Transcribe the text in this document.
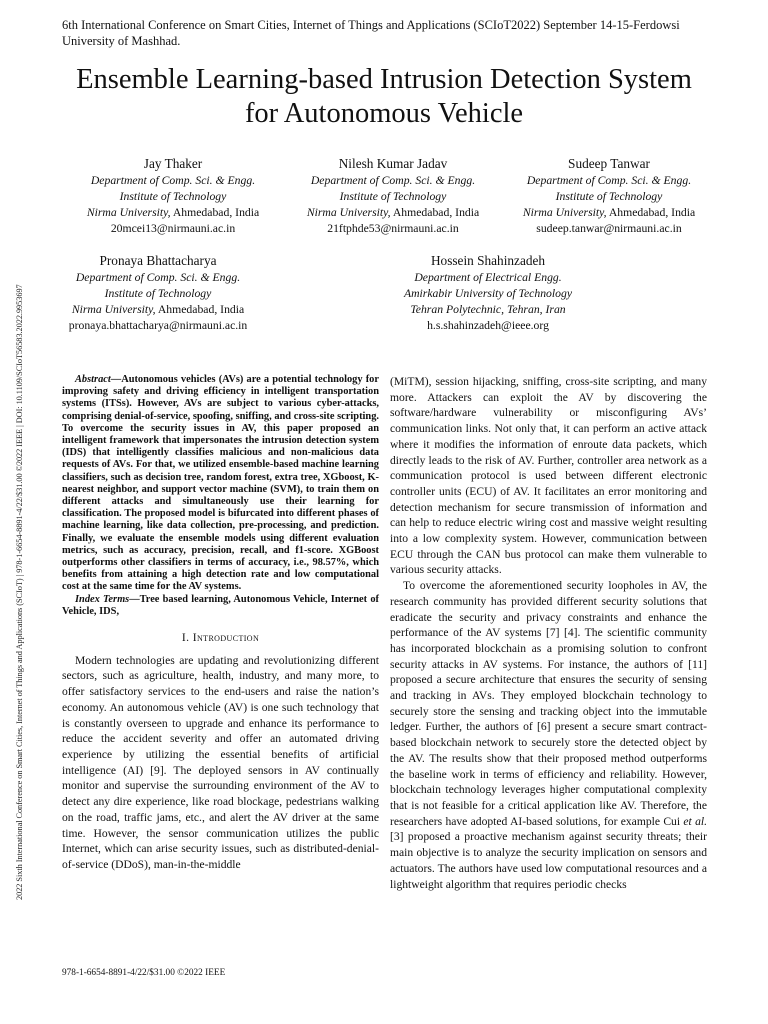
2022 Sixth International Conference on Smart Cities, Internet of Things and Applications (SCIoT) | 978-1-6654-8891-4/22/$31.00 ©2022 IEEE | DOI: 10.1109/SCIoT56583.2022.9953697
6th International Conference on Smart Cities, Internet of Things and Applications (SCIoT2022) September 14-15-Ferdowsi University of Mashhad.
Ensemble Learning-based Intrusion Detection System for Autonomous Vehicle
Jay Thaker
Department of Comp. Sci. & Engg.
Institute of Technology
Nirma University, Ahmedabad, India
20mcei13@nirmauni.ac.in
Nilesh Kumar Jadav
Department of Comp. Sci. & Engg.
Institute of Technology
Nirma University, Ahmedabad, India
21ftphde53@nirmauni.ac.in
Sudeep Tanwar
Department of Comp. Sci. & Engg.
Institute of Technology
Nirma University, Ahmedabad, India
sudeep.tanwar@nirmauni.ac.in
Pronaya Bhattacharya
Department of Comp. Sci. & Engg.
Institute of Technology
Nirma University, Ahmedabad, India
pronaya.bhattacharya@nirmauni.ac.in
Hossein Shahinzadeh
Department of Electrical Engg.
Amirkabir University of Technology
Tehran Polytechnic, Tehran, Iran
h.s.shahinzadeh@ieee.org

Abstract—Autonomous vehicles (AVs) are a potential technology for improving safety and driving efficiency in intelligent transportation systems (ITSs). However, AVs are subject to various cyber-attacks, comprising denial-of-service, spoofing, sniffing, and cross-site scripting. To overcome the security issues in AV, this paper proposed an intelligent framework that impersonates the intrusion detection system (IDS) that intelligently classifies malicious and non-malicious data requests of AVs. For that, we utilized ensemble-based machine learning classifiers, such as decision tree, random forest, extra tree, XGboost, K-nearest neighbor, and support vector machine (SVM), to train them on different attacks and simultaneously use their learning for classification. The proposed model is bifurcated into different phases of machine learning, like data collection, pre-processing, and prediction. Finally, we evaluate the ensemble models using different evaluation metrics, such as accuracy, precision, recall, and f1-score. XGBoost outperforms other classifiers in terms of accuracy, i.e., 98.57%, which benefits from attaining a high detection rate and low computational cost at the same time for the AV systems.

Index Terms—Tree based learning, Autonomous Vehicle, Internet of Vehicle, IDS,

I. Introduction

Modern technologies are updating and revolutionizing different sectors, such as agriculture, health, industry, and many more, to offer satisfactory services to the end-users and raise the nation’s economy. An autonomous vehicle (AV) is one such technology that is constantly overseen to upgrade and enhance its performance to reduce the accident severity and offer an automated driving experience by utilizing the essential benefits of artificial intelligence (AI) [9]. The deployed sensors in AV continually monitor and supervise the surrounding environment of the AV to detect any dire experience, like road blockage, pedestrians walking on the road, traffic jams, etc., and alert the AV driver at the same time. However, the sensor communication utilizes the public Internet, which can arise security issues, such as distributed-denial-of-service (DDoS), man-in-the-middle

(MiTM), session hijacking, sniffing, cross-site scripting, and many more. Attackers can exploit the AV by discovering the software/hardware vulnerability or misconfiguring AVs’ communication links. Not only that, it can perform an active attack where it modifies the information of enroute data packets, which directly leads to the risk of AV. Further, controller area network as a communication protocol is used between different electronic controller units (ECU) of AV. It facilitates an error monitoring and detection mechanism for secure transmission of information and can help to reduce electric wiring cost and massive weight resulting into a low complexity system. However, communication between ECU through the CAN bus protocol can make them vulnerable to various security attacks.

To overcome the aforementioned security loopholes in AV, the research community has provided different security solutions that eradicate the security and privacy constraints and enhance the performance of the AV systems [7] [4]. The scientific community has incorporated blockchain as a promising solution to confront security attacks in AV systems. For instance, the authors of [11] proposed a secure architecture that ensures the security of sensing and tracking in AVs. They employed blockchain technology to securely store the sensing and tracking object into the immutable ledger. Further, the authors of [6] present a secure smart contract-based blockchain network to securely store the detected object by the AV. The results show that their proposed method outperforms the baseline work in terms of efficiency and reliability. However, blockchain technology leverages higher computational complexity that is not feasible for a critical application like AV. Therefore, the researchers have adopted AI-based solutions, for example Cui et al. [3] proposed a proactive mechanism against security threats; their main objective is to analyze the security implication on sensors and actuators. The authors have used low computational resources and a lightweight algorithm that requires periodic checks

978-1-6654-8891-4/22/$31.00 ©2022 IEEE
